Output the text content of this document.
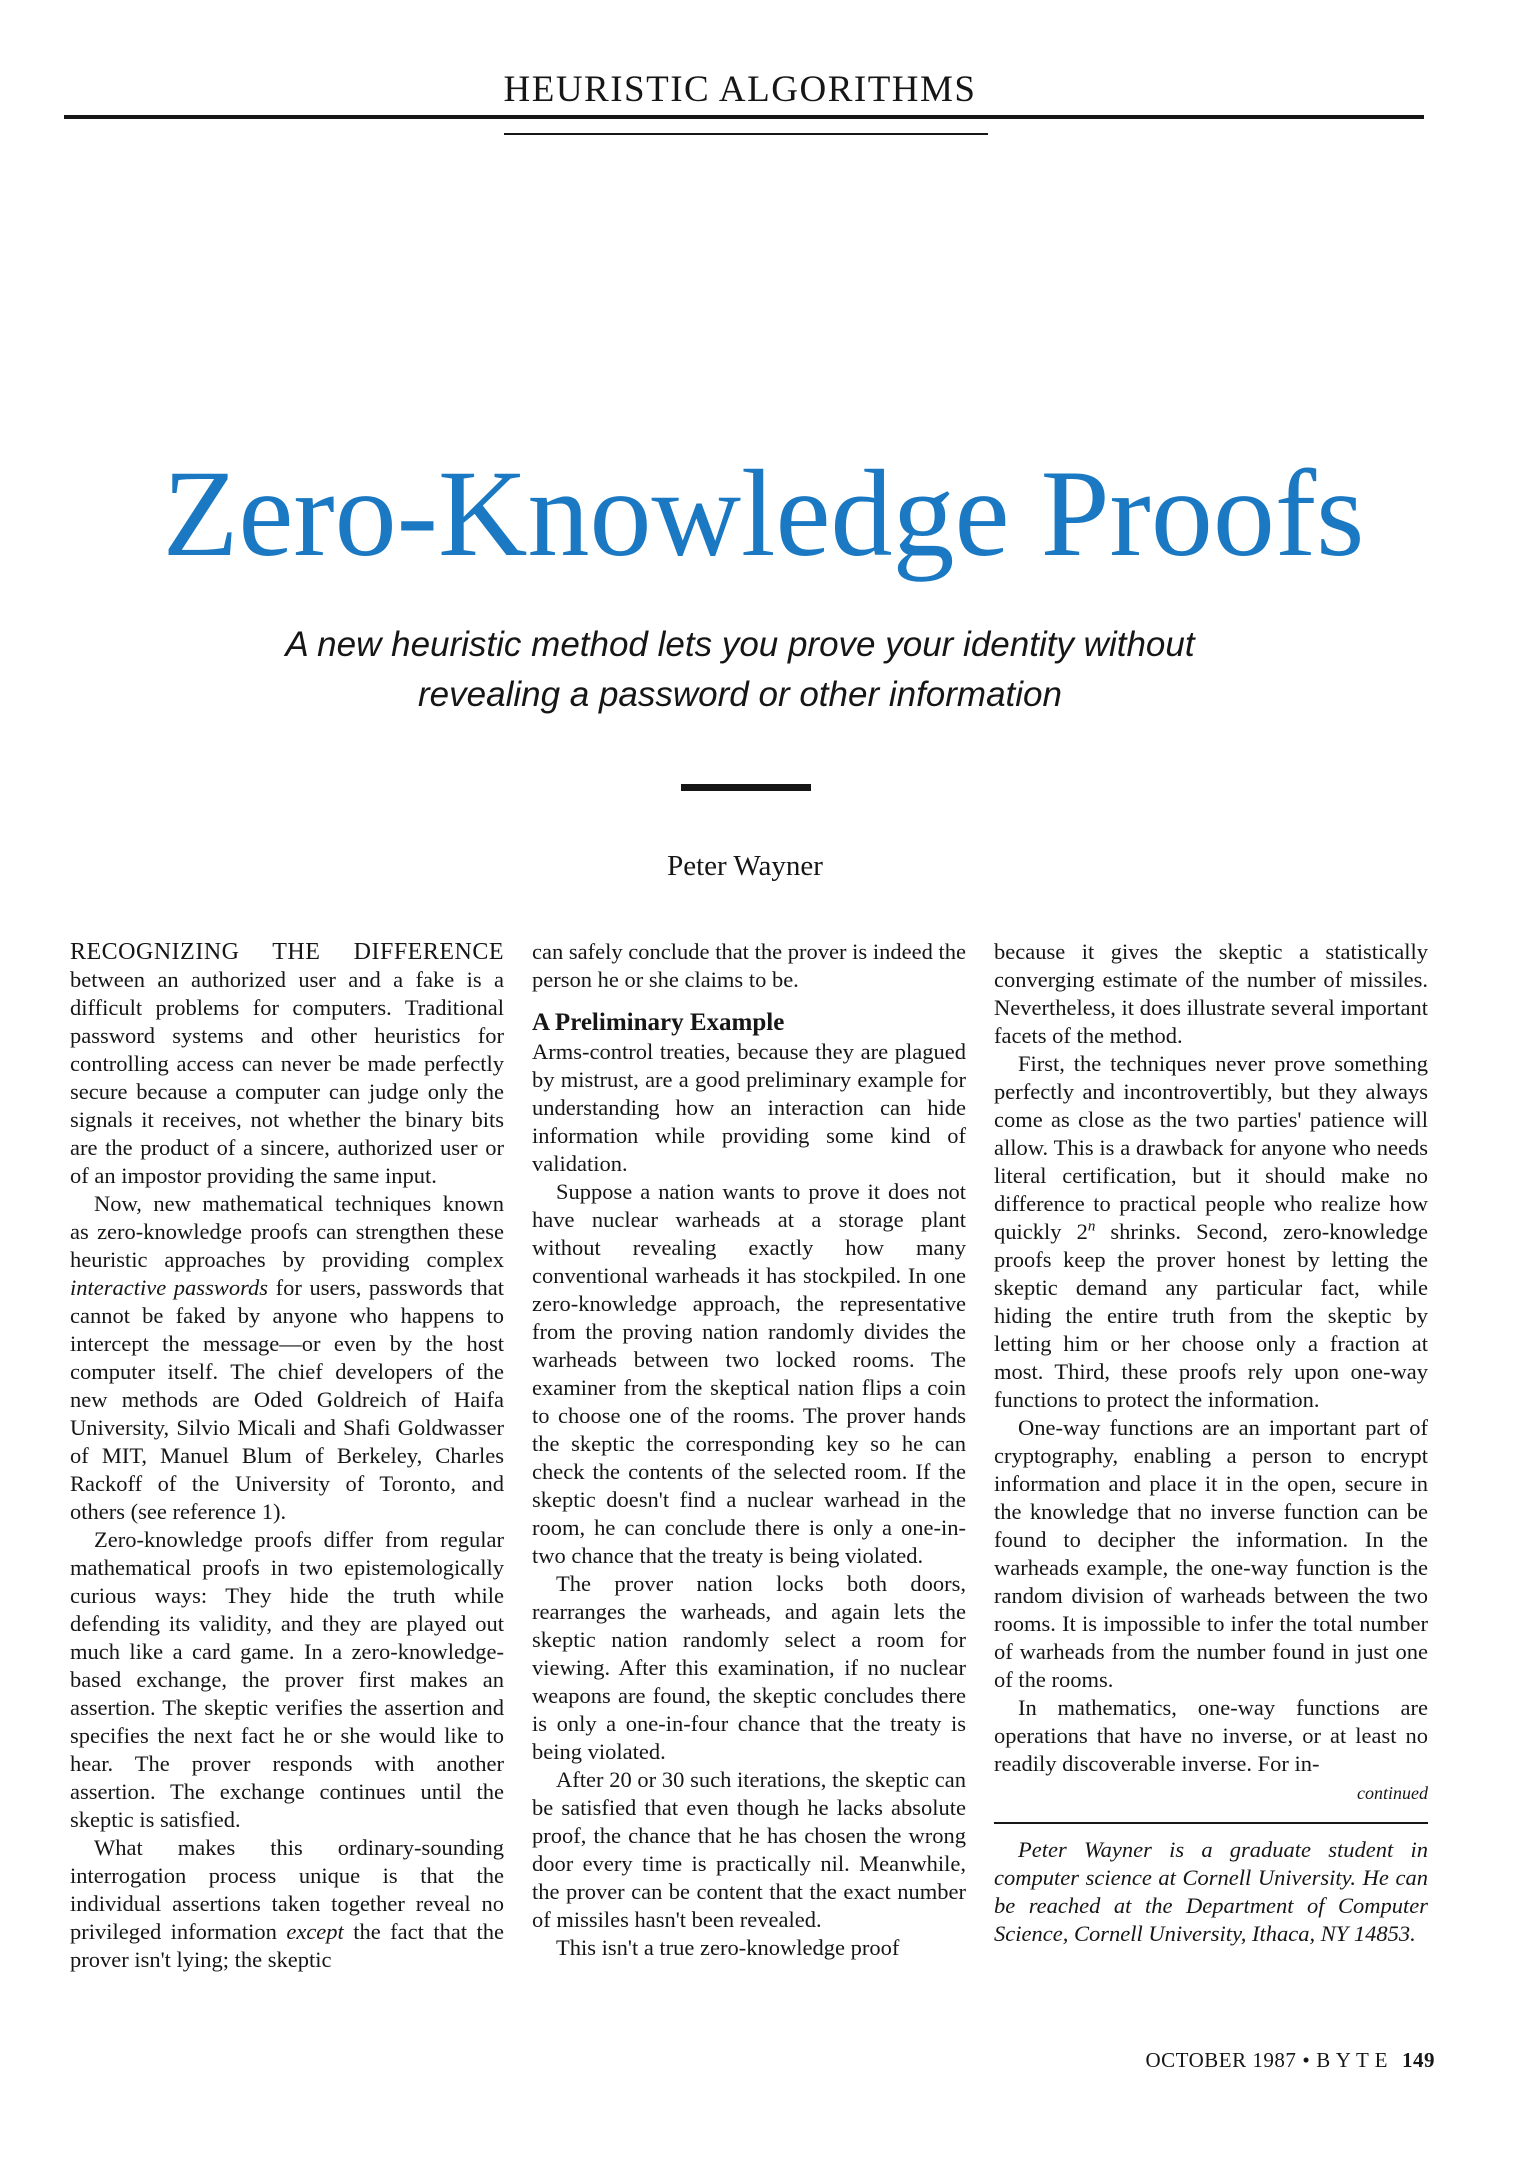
HEURISTIC ALGORITHMS
Zero-Knowledge Proofs
A new heuristic method lets you prove your identity without
revealing a password or other information
Peter Wayner

RECOGNIZING THE DIFFERENCE between an authorized user and a fake is a difficult problems for computers. Traditional password systems and other heuristics for controlling access can never be made perfectly secure because a computer can judge only the signals it receives, not whether the binary bits are the product of a sincere, authorized user or of an impostor providing the same input.

Now, new mathematical techniques known as zero-knowledge proofs can strengthen these heuristic approaches by providing complex interactive passwords for users, passwords that cannot be faked by anyone who happens to intercept the message—or even by the host computer itself. The chief developers of the new methods are Oded Goldreich of Haifa University, Silvio Micali and Shafi Goldwasser of MIT, Manuel Blum of Berkeley, Charles Rackoff of the University of Toronto, and others (see reference 1).

Zero-knowledge proofs differ from regular mathematical proofs in two epistemologically curious ways: They hide the truth while defending its validity, and they are played out much like a card game. In a zero-knowledge-based exchange, the prover first makes an assertion. The skeptic verifies the assertion and specifies the next fact he or she would like to hear. The prover responds with another assertion. The exchange continues until the skeptic is satisfied.

What makes this ordinary-sounding interrogation process unique is that the individual assertions taken together reveal no privileged information except the fact that the prover isn't lying; the skeptic

can safely conclude that the prover is indeed the person he or she claims to be.

A Preliminary Example

Arms-control treaties, because they are plagued by mistrust, are a good preliminary example for understanding how an interaction can hide information while providing some kind of validation.

Suppose a nation wants to prove it does not have nuclear warheads at a storage plant without revealing exactly how many conventional warheads it has stockpiled. In one zero-knowledge approach, the representative from the proving nation randomly divides the warheads between two locked rooms. The examiner from the skeptical nation flips a coin to choose one of the rooms. The prover hands the skeptic the corresponding key so he can check the contents of the selected room. If the skeptic doesn't find a nuclear warhead in the room, he can conclude there is only a one-in-two chance that the treaty is being violated.

The prover nation locks both doors, rearranges the warheads, and again lets the skeptic nation randomly select a room for viewing. After this examination, if no nuclear weapons are found, the skeptic concludes there is only a one-in-four chance that the treaty is being violated.

After 20 or 30 such iterations, the skeptic can be satisfied that even though he lacks absolute proof, the chance that he has chosen the wrong door every time is practically nil. Meanwhile, the prover can be content that the exact number of missiles hasn't been revealed.

This isn't a true zero-knowledge proof

because it gives the skeptic a statistically converging estimate of the number of missiles. Nevertheless, it does illustrate several important facets of the method.

First, the techniques never prove something perfectly and incontrovertibly, but they always come as close as the two parties' patience will allow. This is a drawback for anyone who needs literal certification, but it should make no difference to practical people who realize how quickly 2$^n$ shrinks. Second, zero-knowledge proofs keep the prover honest by letting the skeptic demand any particular fact, while hiding the entire truth from the skeptic by letting him or her choose only a fraction at most. Third, these proofs rely upon one-way functions to protect the information.

One-way functions are an important part of cryptography, enabling a person to encrypt information and place it in the open, secure in the knowledge that no inverse function can be found to decipher the information. In the warheads example, the one-way function is the random division of warheads between the two rooms. It is impossible to infer the total number of warheads from the number found in just one of the rooms.

In mathematics, one-way functions are operations that have no inverse, or at least no readily discoverable inverse. For in-

continued

Peter Wayner is a graduate student in computer science at Cornell University. He can be reached at the Department of Computer Science, Cornell University, Ithaca, NY 14853.

OCTOBER 1987 • B Y T E 149
